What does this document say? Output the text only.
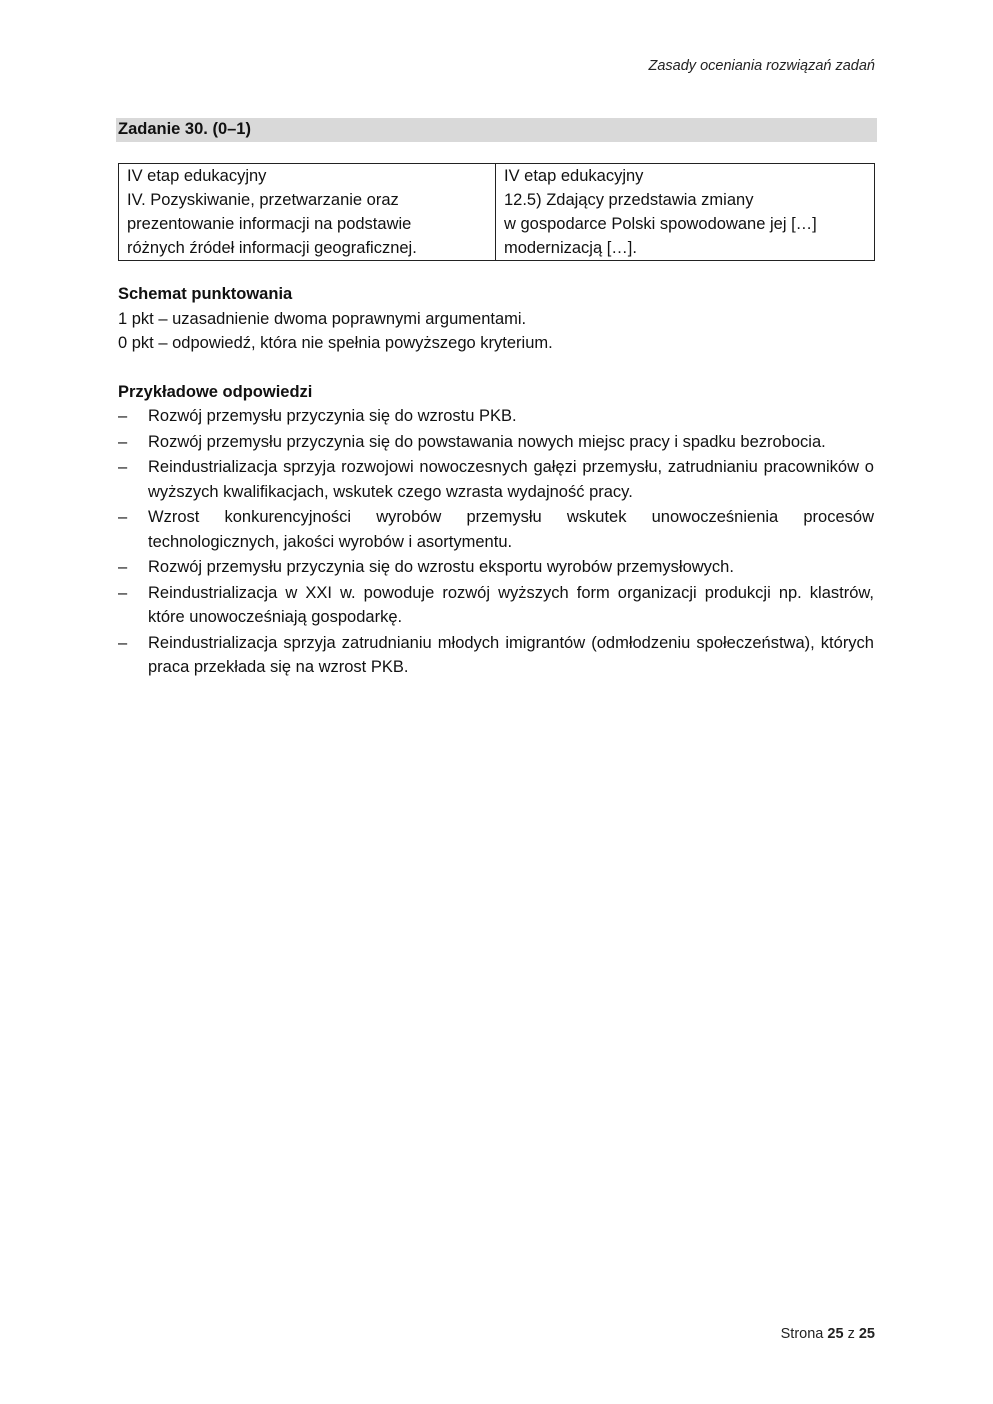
Zasady oceniania rozwiązań zadań
Zadanie 30. (0–1)
IV etap edukacyjny
IV. Pozyskiwanie, przetwarzanie oraz
prezentowanie informacji na podstawie
różnych źródeł informacji geograficznej.

IV etap edukacyjny
12.5) Zdający przedstawia zmiany
w gospodarce Polski spowodowane jej […]
modernizacją […].

Schemat punktowania

1 pkt – uzasadnienie dwoma poprawnymi argumentami.

0 pkt – odpowiedź, która nie spełnia powyższego kryterium.

Przykładowe odpowiedzi

– Rozwój przemysłu przyczynia się do wzrostu PKB.
– Rozwój przemysłu przyczynia się do powstawania nowych miejsc pracy i spadku bezrobocia.
– Reindustrializacja sprzyja rozwojowi nowoczesnych gałęzi przemysłu, zatrudnianiu pracowników o wyższych kwalifikacjach, wskutek czego wzrasta wydajność pracy.
– Wzrost konkurencyjności wyrobów przemysłu wskutek unowocześnienia procesów technologicznych, jakości wyrobów i asortymentu.
– Rozwój przemysłu przyczynia się do wzrostu eksportu wyrobów przemysłowych.
– Reindustrializacja w XXI w. powoduje rozwój wyższych form organizacji produkcji np. klastrów, które unowocześniają gospodarkę.
– Reindustrializacja sprzyja zatrudnianiu młodych imigrantów (odmłodzeniu społeczeństwa), których praca przekłada się na wzrost PKB.
Strona 25 z 25
